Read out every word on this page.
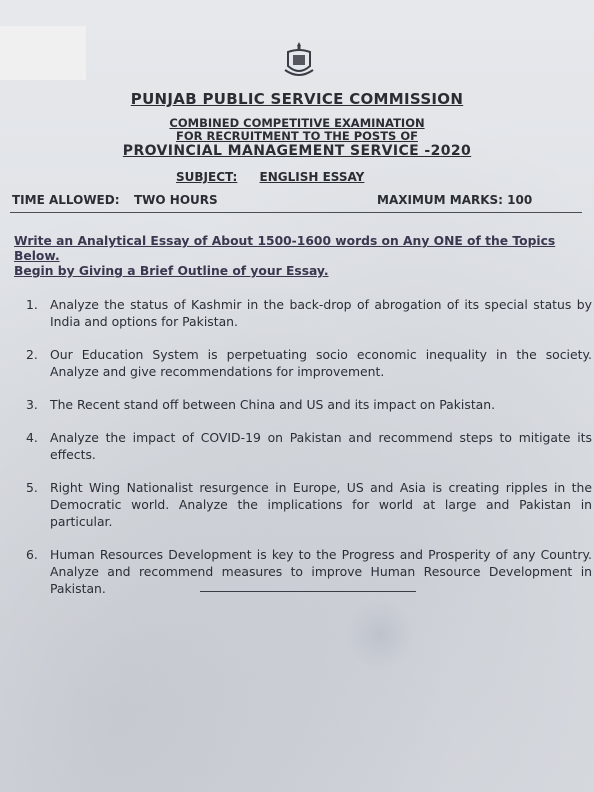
PUNJAB PUBLIC SERVICE COMMISSION
COMBINED COMPETITIVE EXAMINATION
FOR RECRUITMENT TO THE POSTS OF
PROVINCIAL MANAGEMENT SERVICE -2020
SUBJECT: ENGLISH ESSAY
TIME ALLOWED: TWO HOURS	MAXIMUM MARKS: 100
Write an Analytical Essay of About 1500-1600 words on Any ONE of the Topics Below.
Begin by Giving a Brief Outline of your Essay.
1. Analyze the status of Kashmir in the back-drop of abrogation of its special status by India and options for Pakistan.
2. Our Education System is perpetuating socio economic inequality in the society. Analyze and give recommendations for improvement.
3. The Recent stand off between China and US and its impact on Pakistan.
4. Analyze the impact of COVID-19 on Pakistan and recommend steps to mitigate its effects.
5. Right Wing Nationalist resurgence in Europe, US and Asia is creating ripples in the Democratic world. Analyze the implications for world at large and Pakistan in particular.
6. Human Resources Development is key to the Progress and Prosperity of any Country. Analyze and recommend measures to improve Human Resource Development in Pakistan.
